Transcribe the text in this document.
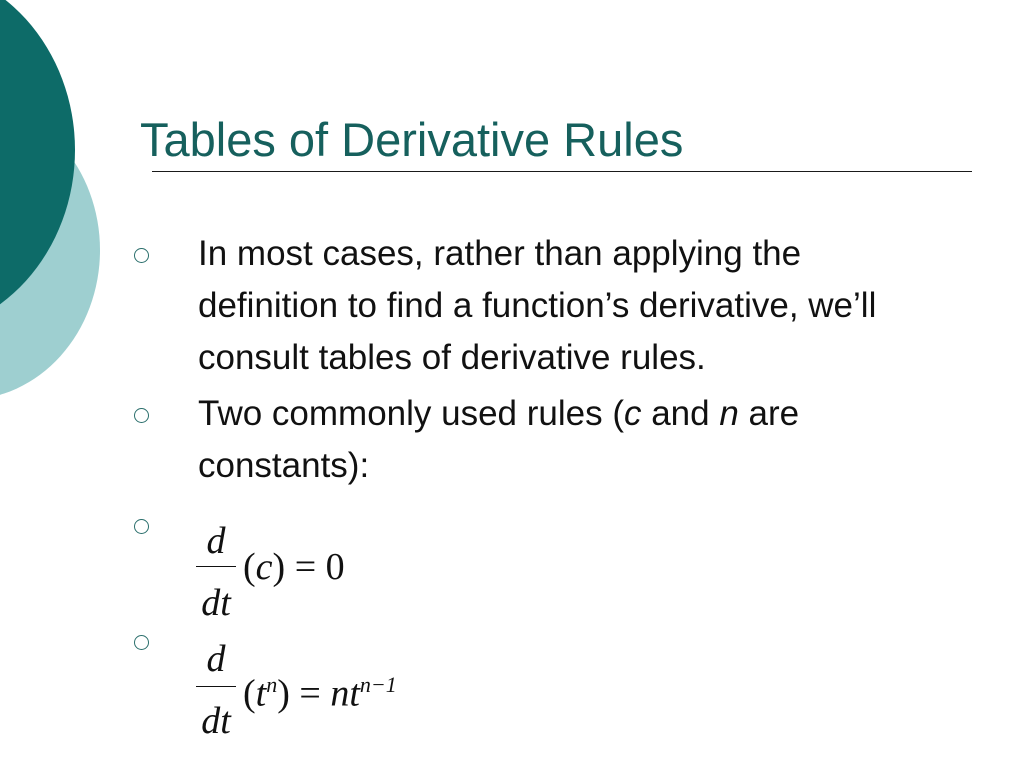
Tables of Derivative Rules
In most cases, rather than applying the definition to find a function’s derivative, we’ll consult tables of derivative rules.
Two commonly used rules (c and n are constants):
d
dt
(c) = 0
d
dt
$(t^n) = nt^{n-1}$
